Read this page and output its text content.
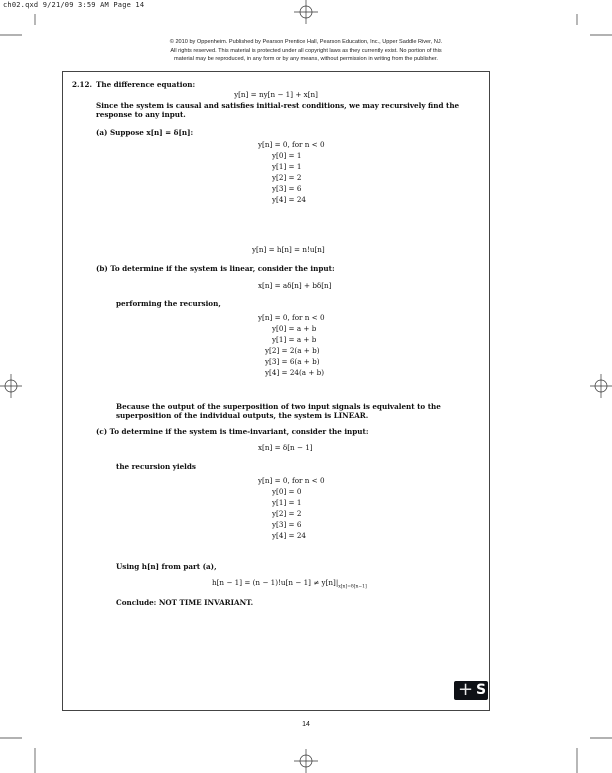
ch02.qxd 9/21/09 3:59 AM Page 14
© 2010 by Oppenheim. Published by Pearson Prentice Hall, Pearson Education, Inc., Upper Saddle River, NJ.
All rights reserved. This material is protected under all copyright laws as they currently exist. No portion of this
material may be reproduced, in any form or by any means, without permission in writing from the publisher.
2.12. The difference equation:
y[n] = ny[n − 1] + x[n]
Since the system is causal and satisfies initial-rest conditions, we may recursively find the response to any input.
(a) Suppose x[n] = δ[n]:
y[n] = 0, for n < 0
y[0] = 1
y[1] = 1
y[2] = 2
y[3] = 6
y[4] = 24
y[n] = h[n] = n!u[n]
(b) To determine if the system is linear, consider the input:
x[n] = aδ[n] + bδ[n]
performing the recursion,
y[n] = 0, for n < 0
y[0] = a + b
y[1] = a + b
y[2] = 2(a + b)
y[3] = 6(a + b)
y[4] = 24(a + b)
Because the output of the superposition of two input signals is equivalent to the superposition of the individual outputs, the system is LINEAR.
(c) To determine if the system is time-invariant, consider the input:
x[n] = δ[n − 1]
the recursion yields
y[n] = 0, for n < 0
y[0] = 0
y[1] = 1
y[2] = 2
y[3] = 6
y[4] = 24
Using h[n] from part (a),
$h[n - 1] = (n - 1)!u[n - 1] \ne y[n]|_{x[n]=\delta[n-1]}$
Conclude: NOT TIME INVARIANT.
+ S
14
